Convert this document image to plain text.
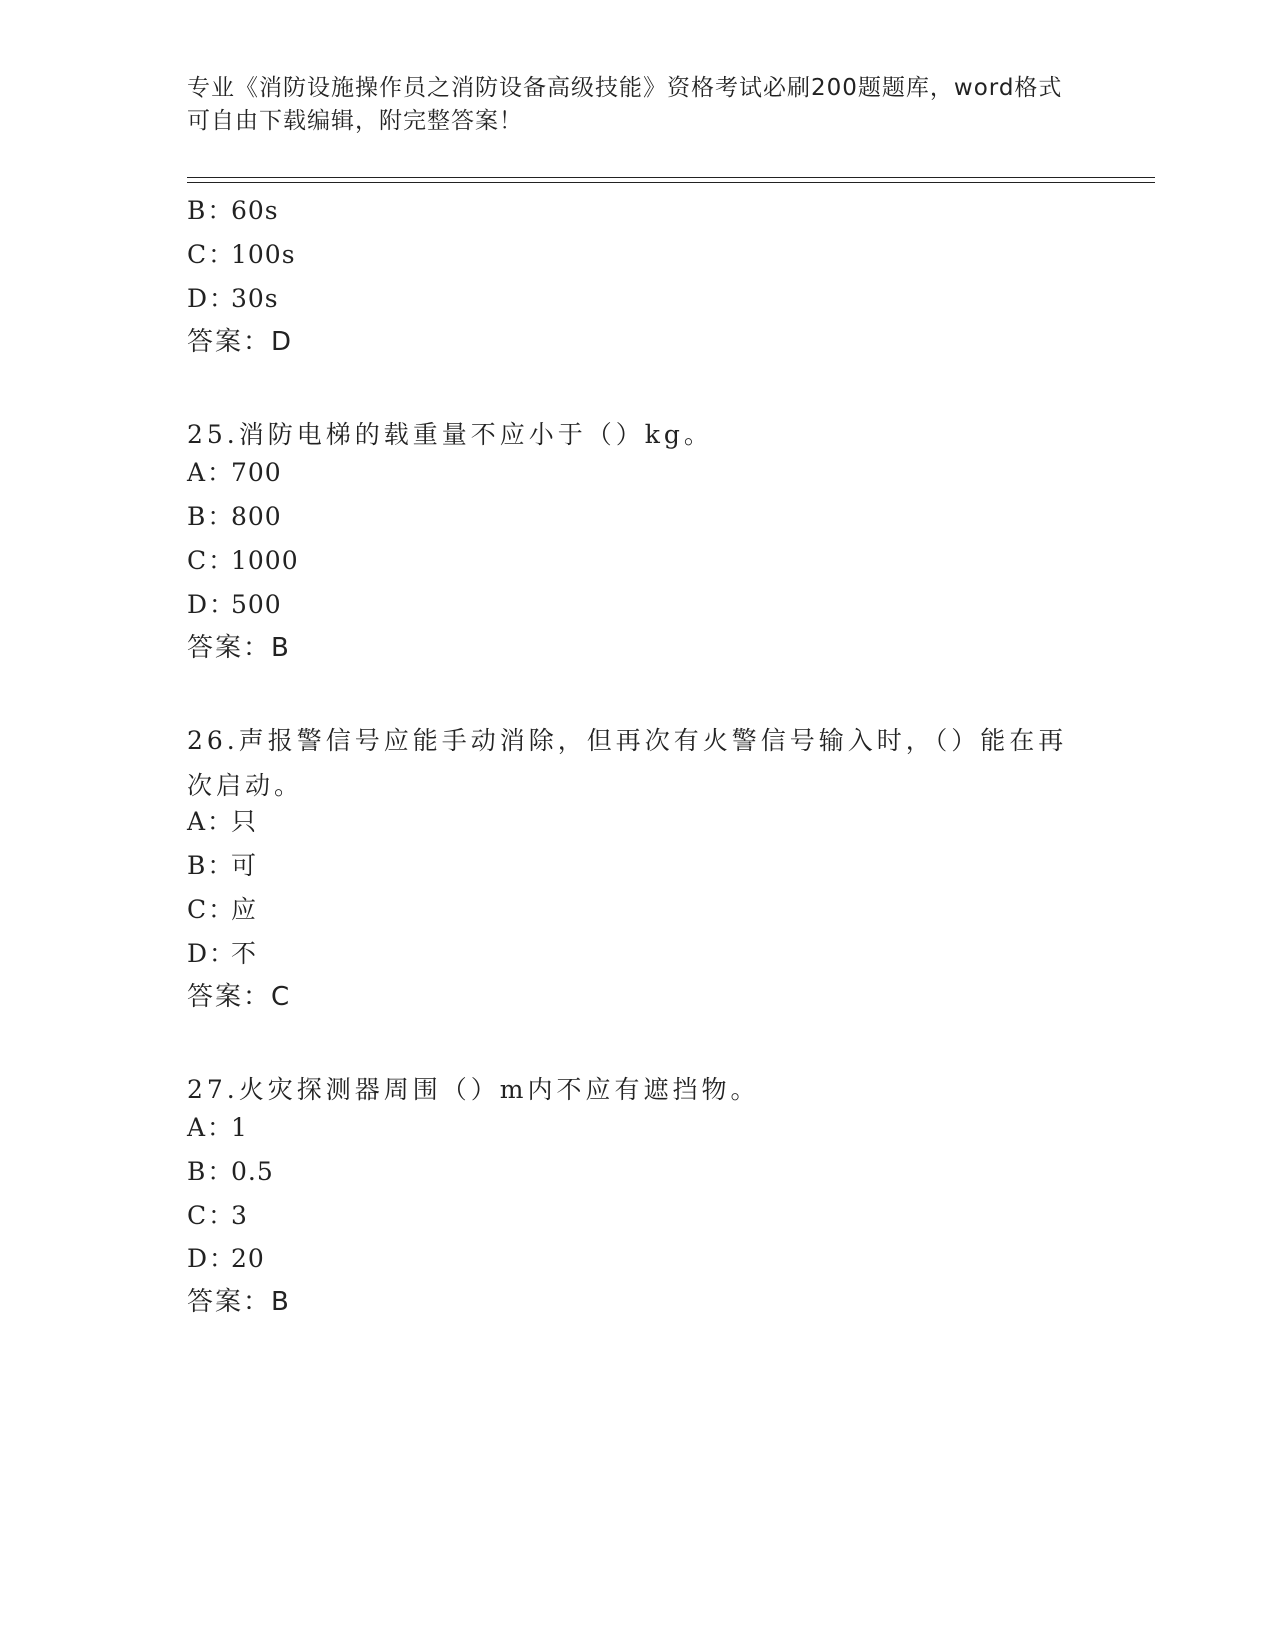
专业《消防设施操作员之消防设备高级技能》资格考试必刷200题题库，word格式可自由下载编辑，附完整答案！
B：60s
C：100s
D：30s
答案：D
25.消防电梯的载重量不应小于（）kg。
A：700
B：800
C：1000
D：500
答案：B
26.声报警信号应能手动消除，但再次有火警信号输入时，（）能在再次启动。
A：只
B：可
C：应
D：不
答案：C
27.火灾探测器周围（）m内不应有遮挡物。
A：1
B：0.5
C：3
D：20
答案：B
